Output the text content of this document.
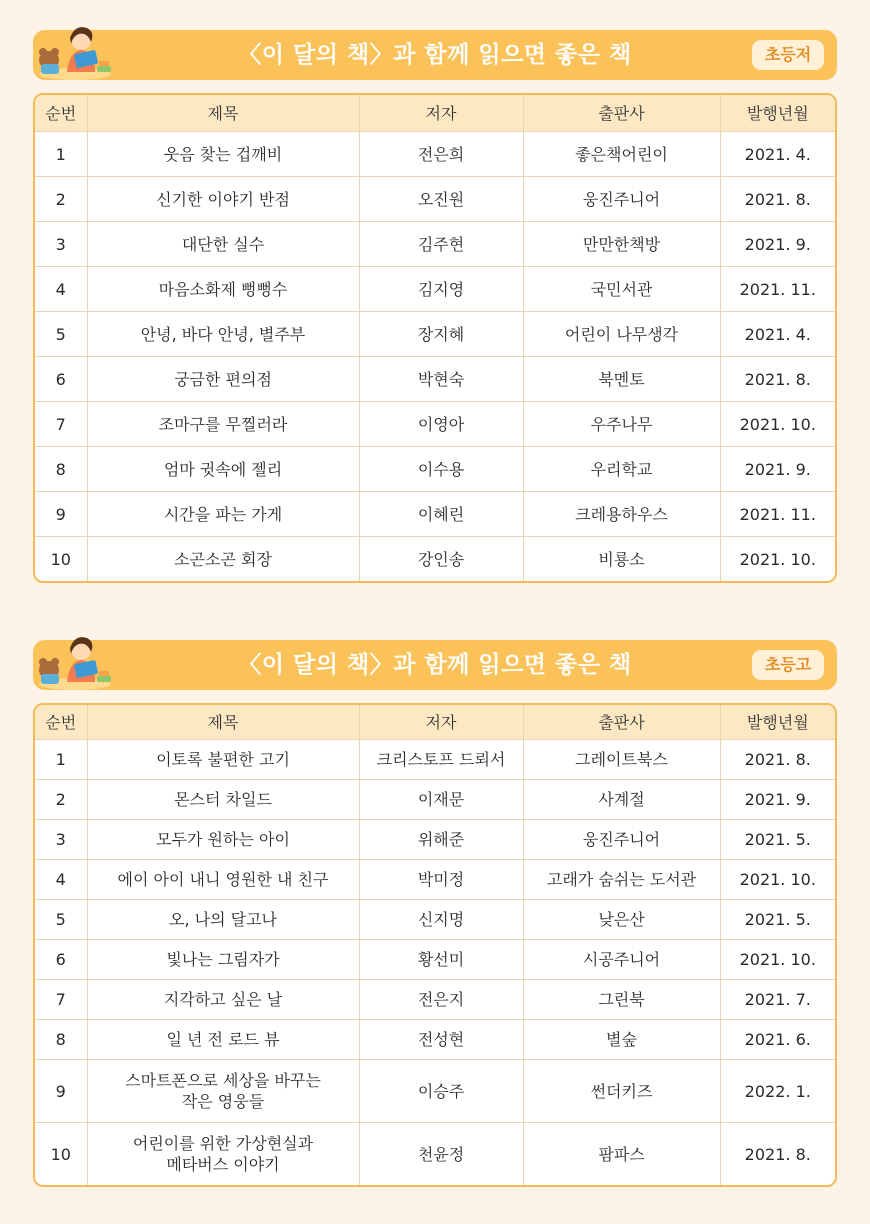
〈이 달의 책〉과 함께 읽으면 좋은 책	초등저
순번	제목	저자	출판사	발행년월
1	웃음 찾는 겁깨비	전은희	좋은책어린이	2021. 4.
2	신기한 이야기 반점	오진원	웅진주니어	2021. 8.
3	대단한 실수	김주현	만만한책방	2021. 9.
4	마음소화제 뻥뻥수	김지영	국민서관	2021. 11.
5	안녕, 바다 안녕, 별주부	장지혜	어린이 나무생각	2021. 4.
6	궁금한 편의점	박현숙	북멘토	2021. 8.
7	조마구를 무찔러라	이영아	우주나무	2021. 10.
8	엄마 귓속에 젤리	이수용	우리학교	2021. 9.
9	시간을 파는 가게	이혜린	크레용하우스	2021. 11.
10	소곤소곤 회장	강인송	비룡소	2021. 10.
〈이 달의 책〉과 함께 읽으면 좋은 책	초등고
순번	제목	저자	출판사	발행년월
1	이토록 불편한 고기	크리스토프 드뢰서	그레이트북스	2021. 8.
2	몬스터 차일드	이재문	사계절	2021. 9.
3	모두가 원하는 아이	위해준	웅진주니어	2021. 5.
4	에이 아이 내니 영원한 내 친구	박미정	고래가 숨쉬는 도서관	2021. 10.
5	오, 나의 달고나	신지명	낮은산	2021. 5.
6	빛나는 그림자가	황선미	시공주니어	2021. 10.
7	지각하고 싶은 날	전은지	그린북	2021. 7.
8	일 년 전 로드 뷰	전성현	별숲	2021. 6.
9	스마트폰으로 세상을 바꾸는
작은 영웅들	이승주	썬더키즈	2022. 1.
10	어린이를 위한 가상현실과
메타버스 이야기	천윤정	팜파스	2021. 8.
